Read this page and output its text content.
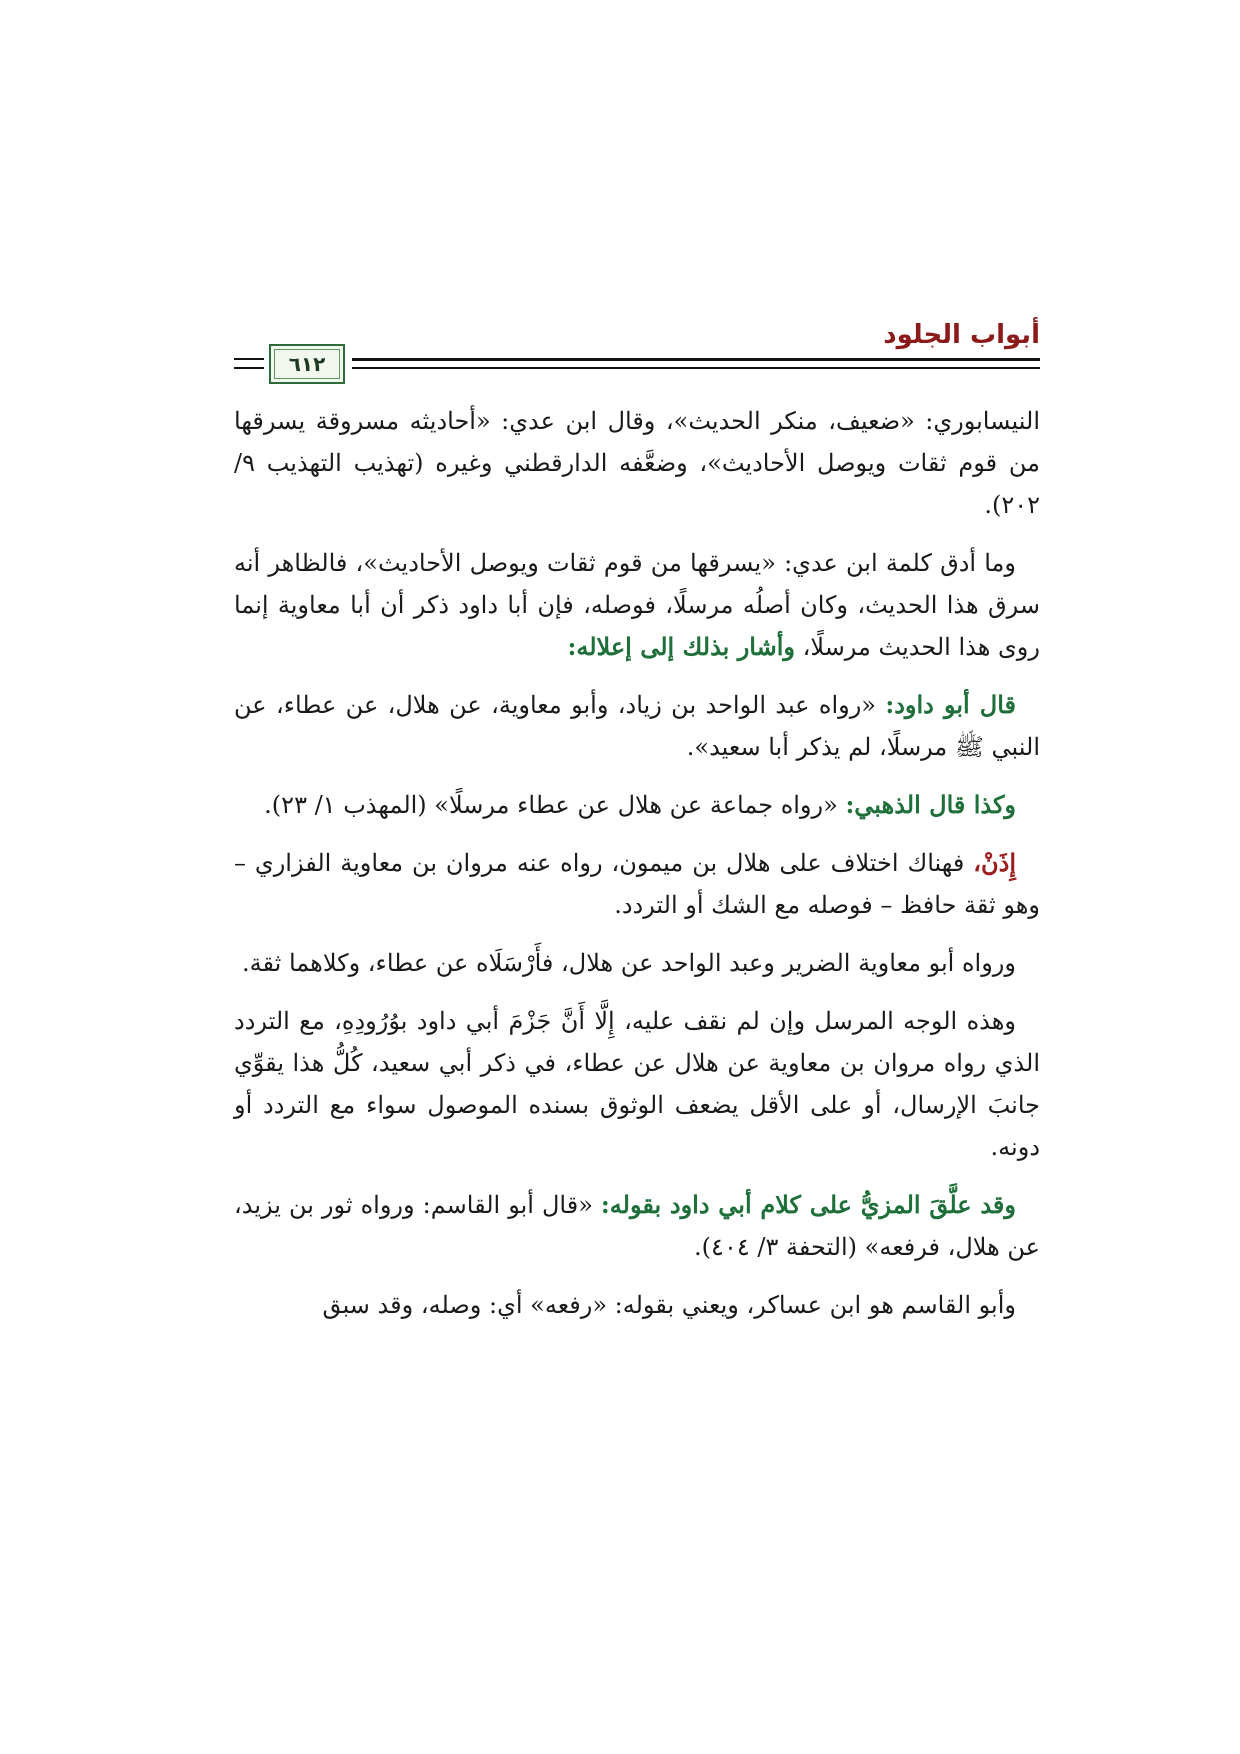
أبواب الجلود
٦١٢

النيسابوري: «ضعيف، منكر الحديث»، وقال ابن عدي: «أحاديثه مسروقة يسرقها من قوم ثقات ويوصل الأحاديث»، وضعَّفه الدارقطني وغيره (تهذيب التهذيب ٩/ ٢٠٢).

وما أدق كلمة ابن عدي: «يسرقها من قوم ثقات ويوصل الأحاديث»، فالظاهر أنه سرق هذا الحديث، وكان أصلُه مرسلًا، فوصله، فإن أبا داود ذكر أن أبا معاوية إنما روى هذا الحديث مرسلًا، وأشار بذلك إلى إعلاله:

قال أبو داود: «رواه عبد الواحد بن زياد، وأبو معاوية، عن هلال، عن عطاء، عن النبي ﷺ مرسلًا، لم يذكر أبا سعيد».

وكذا قال الذهبي: «رواه جماعة عن هلال عن عطاء مرسلًا» (المهذب ١/ ٢٣).

إِذَنْ، فهناك اختلاف على هلال بن ميمون، رواه عنه مروان بن معاوية الفزاري – وهو ثقة حافظ – فوصله مع الشك أو التردد.

ورواه أبو معاوية الضرير وعبد الواحد عن هلال، فأَرْسَلَاه عن عطاء، وكلاهما ثقة.

وهذه الوجه المرسل وإن لم نقف عليه، إِلَّا أَنَّ جَزْمَ أبي داود بوُرُودِهِ، مع التردد الذي رواه مروان بن معاوية عن هلال عن عطاء، في ذكر أبي سعيد، كُلُّ هذا يقوِّي جانبَ الإرسال، أو على الأقل يضعف الوثوق بسنده الموصول سواء مع التردد أو دونه.

وقد علَّقَ المزيُّ على كلام أبي داود بقوله: «قال أبو القاسم: ورواه ثور بن يزيد، عن هلال، فرفعه» (التحفة ٣/ ٤٠٤).

وأبو القاسم هو ابن عساكر، ويعني بقوله: «رفعه» أي: وصله، وقد سبق
